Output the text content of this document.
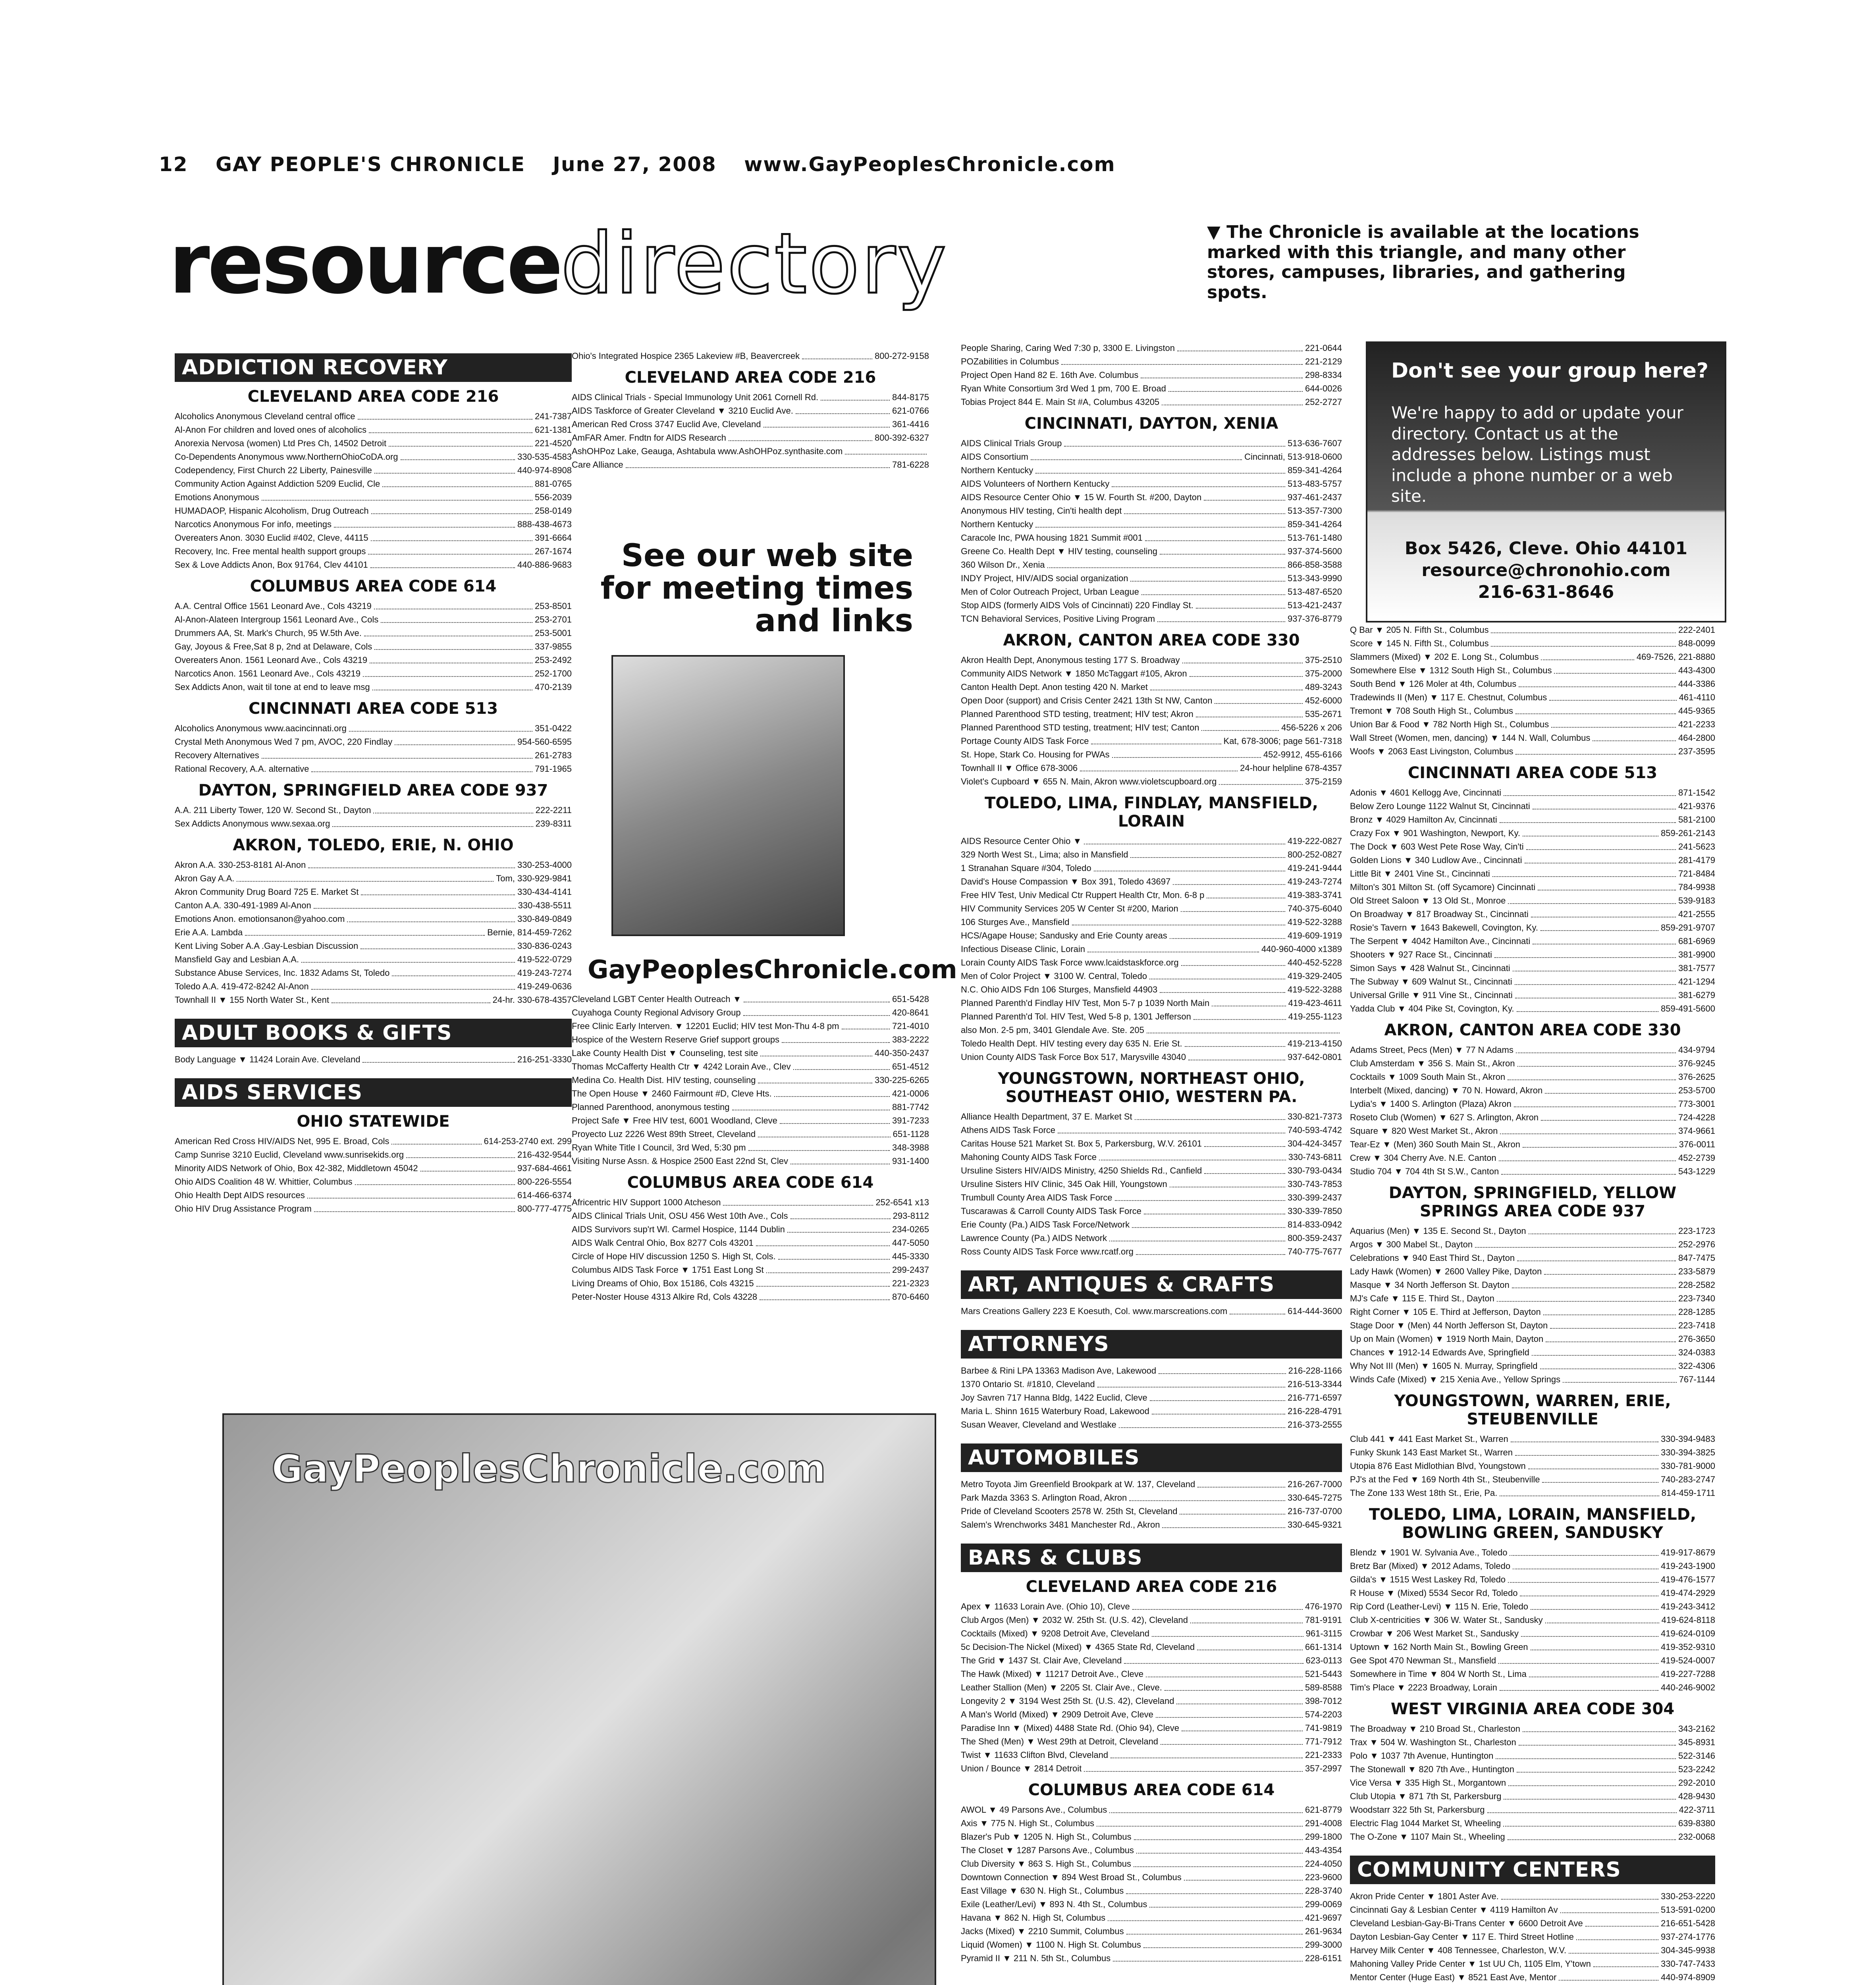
12 GAY PEOPLE'S CHRONICLE June 27, 2008 www.GayPeoplesChronicle.com
resourcedirectory	▼ The Chronicle is available at the locations marked with this triangle, and many other stores, campuses, libraries, and gathering spots.
ADDICTION RECOVERY
CLEVELAND AREA CODE 216
Alcoholics Anonymous Cleveland central office	241-7387
Al-Anon For children and loved ones of alcoholics	621-1381
Anorexia Nervosa (women) Ltd Pres Ch, 14502 Detroit	221-4520
Co-Dependents Anonymous www.NorthernOhioCoDA.org	330-535-4583
Codependency, First Church 22 Liberty, Painesville	440-974-8908
Community Action Against Addiction 5209 Euclid, Cle	881-0765
Emotions Anonymous	556-2039
HUMADAOP, Hispanic Alcoholism, Drug Outreach	258-0149
Narcotics Anonymous For info, meetings	888-438-4673
Overeaters Anon. 3030 Euclid #402, Cleve, 44115	391-6664
Recovery, Inc. Free mental health support groups	267-1674
Sex & Love Addicts Anon, Box 91764, Clev 44101	440-886-9683
COLUMBUS AREA CODE 614
A.A. Central Office 1561 Leonard Ave., Cols 43219	253-8501
Al-Anon-Alateen Intergroup 1561 Leonard Ave., Cols	253-2701
Drummers AA, St. Mark's Church, 95 W.5th Ave.	253-5001
Gay, Joyous & Free,Sat 8 p, 2nd at Delaware, Cols	337-9855
Overeaters Anon. 1561 Leonard Ave., Cols 43219	253-2492
Narcotics Anon. 1561 Leonard Ave., Cols 43219	252-1700
Sex Addicts Anon, wait til tone at end to leave msg	470-2139
CINCINNATI AREA CODE 513
Alcoholics Anonymous www.aacincinnati.org	351-0422
Crystal Meth Anonymous Wed 7 pm, AVOC, 220 Findlay	954-560-6595
Recovery Alternatives	261-2783
Rational Recovery, A.A. alternative	791-1965
DAYTON, SPRINGFIELD AREA CODE 937
A.A. 211 Liberty Tower, 120 W. Second St., Dayton	222-2211
Sex Addicts Anonymous www.sexaa.org	239-8311
AKRON, TOLEDO, ERIE, N. OHIO
Akron A.A. 330-253-8181 Al-Anon	330-253-4000
Akron Gay A.A.	Tom, 330-929-9841
Akron Community Drug Board 725 E. Market St	330-434-4141
Canton A.A. 330-491-1989 Al-Anon	330-438-5511
Emotions Anon. emotionsanon@yahoo.com	330-849-0849
Erie A.A. Lambda	Bernie, 814-459-7262
Kent Living Sober A.A .Gay-Lesbian Discussion	330-836-0243
Mansfield Gay and Lesbian A.A.	419-522-0729
Substance Abuse Services, Inc. 1832 Adams St, Toledo	419-243-7274
Toledo A.A. 419-472-8242 Al-Anon	419-249-0636
Townhall II ▼ 155 North Water St., Kent	24-hr. 330-678-4357
ADULT BOOKS & GIFTS
Body Language ▼ 11424 Lorain Ave. Cleveland	216-251-3330
AIDS SERVICES
OHIO STATEWIDE
American Red Cross HIV/AIDS Net, 995 E. Broad, Cols	614-253-2740 ext. 299
Camp Sunrise 3210 Euclid, Cleveland www.sunrisekids.org	216-432-9544
Minority AIDS Network of Ohio, Box 42-382, Middletown 45042	937-684-4661
Ohio AIDS Coalition 48 W. Whittier, Columbus	800-226-5554
Ohio Health Dept AIDS resources	614-466-6374
Ohio HIV Drug Assistance Program	800-777-4775
Ohio's Integrated Hospice 2365 Lakeview #B, Beavercreek	800-272-9158
CLEVELAND AREA CODE 216
AIDS Clinical Trials - Special Immunology Unit 2061 Cornell Rd.	844-8175
AIDS Taskforce of Greater Cleveland ▼ 3210 Euclid Ave.	621-0766
American Red Cross 3747 Euclid Ave, Cleveland	361-4416
AmFAR Amer. Fndtn for AIDS Research	800-392-6327
AshOHPoz Lake, Geauga, Ashtabula www.AshOHPoz.synthasite.com
Care Alliance	781-6228
See our web site for meeting times and links
GayPeoplesChronicle.com
Cleveland LGBT Center Health Outreach ▼	651-5428
Cuyahoga County Regional Advisory Group	420-8641
Free Clinic Early Interven. ▼ 12201 Euclid; HIV test Mon-Thu 4-8 pm	721-4010
Hospice of the Western Reserve Grief support groups	383-2222
Lake County Health Dist ▼ Counseling, test site	440-350-2437
Thomas McCafferty Health Ctr ▼ 4242 Lorain Ave., Clev	651-4512
Medina Co. Health Dist. HIV testing, counseling	330-225-6265
The Open House ▼ 2460 Fairmount #D, Cleve Hts.	421-0006
Planned Parenthood, anonymous testing	881-7742
Project Safe ▼ Free HIV test, 6001 Woodland, Cleve	391-7233
Proyecto Luz 2226 West 89th Street, Cleveland	651-1128
Ryan White Title I Council, 3rd Wed, 5:30 pm	348-3988
Visiting Nurse Assn. & Hospice 2500 East 22nd St, Clev	931-1400
COLUMBUS AREA CODE 614
Africentric HIV Support 1000 Atcheson	252-6541 x13
AIDS Clinical Trials Unit, OSU 456 West 10th Ave., Cols	293-8112
AIDS Survivors sup'rt Wl. Carmel Hospice, 1144 Dublin	234-0265
AIDS Walk Central Ohio, Box 8277 Cols 43201	447-5050
Circle of Hope HIV discussion 1250 S. High St, Cols.	445-3330
Columbus AIDS Task Force ▼ 1751 East Long St	299-2437
Living Dreams of Ohio, Box 15186, Cols 43215	221-2323
Peter-Noster House 4313 Alkire Rd, Cols 43228	870-6460
GayPeoplesChronicle.com
People Sharing, Caring Wed 7:30 p, 3300 E. Livingston	221-0644
POZabilities in Columbus	221-2129
Project Open Hand 82 E. 16th Ave. Columbus	298-8334
Ryan White Consortium 3rd Wed 1 pm, 700 E. Broad	644-0026
Tobias Project 844 E. Main St #A, Columbus 43205	252-2727
CINCINNATI, DAYTON, XENIA
AIDS Clinical Trials Group	513-636-7607
AIDS Consortium	Cincinnati, 513-918-0600
Northern Kentucky	859-341-4264
AIDS Volunteers of Northern Kentucky	513-483-5757
AIDS Resource Center Ohio ▼ 15 W. Fourth St. #200, Dayton	937-461-2437
Anonymous HIV testing, Cin'ti health dept	513-357-7300
Northern Kentucky	859-341-4264
Caracole Inc, PWA housing 1821 Summit #001	513-761-1480
Greene Co. Health Dept ▼ HIV testing, counseling	937-374-5600
360 Wilson Dr., Xenia	866-858-3588
INDY Project, HIV/AIDS social organization	513-343-9990
Men of Color Outreach Project, Urban League	513-487-6520
Stop AIDS (formerly AIDS Vols of Cincinnati) 220 Findlay St.	513-421-2437
TCN Behavioral Services, Positive Living Program	937-376-8779
AKRON, CANTON AREA CODE 330
Akron Health Dept, Anonymous testing 177 S. Broadway	375-2510
Community AIDS Network ▼ 1850 McTaggart #105, Akron	375-2000
Canton Health Dept. Anon testing 420 N. Market	489-3243
Open Door (support) and Crisis Center 2421 13th St NW, Canton	452-6000
Planned Parenthood STD testing, treatment; HIV test; Akron	535-2671
Planned Parenthood STD testing, treatment; HIV test; Canton	456-5226 x 206
Portage County AIDS Task Force	Kat, 678-3006; page 561-7318
St. Hope, Stark Co. Housing for PWAs	452-9912, 455-6166
Townhall II ▼ Office 678-3006	24-hour helpline 678-4357
Violet's Cupboard ▼ 655 N. Main, Akron www.violetscupboard.org	375-2159
TOLEDO, LIMA, FINDLAY, MANSFIELD, LORAIN
AIDS Resource Center Ohio ▼	419-222-0827
329 North West St., Lima; also in Mansfield	800-252-0827
1 Stranahan Square #304, Toledo	419-241-9444
David's House Compassion ▼ Box 391, Toledo 43697	419-243-7274
Free HIV Test, Univ Medical Ctr Ruppert Health Ctr, Mon. 6-8 p	419-383-3741
HIV Community Services 205 W Center St #200, Marion	740-375-6040
106 Sturges Ave., Mansfield	419-522-3288
HCS/Agape House; Sandusky and Erie County areas	419-609-1919
Infectious Disease Clinic, Lorain	440-960-4000 x1389
Lorain County AIDS Task Force www.lcaidstaskforce.org	440-452-5228
Men of Color Project ▼ 3100 W. Central, Toledo	419-329-2405
N.C. Ohio AIDS Fdn 106 Sturges, Mansfield 44903	419-522-3288
Planned Parenth'd Findlay HIV Test, Mon 5-7 p 1039 North Main	419-423-4611
Planned Parenth'd Tol. HIV Test, Wed 5-8 p, 1301 Jefferson	419-255-1123
also Mon. 2-5 pm, 3401 Glendale Ave. Ste. 205
Toledo Health Dept. HIV testing every day 635 N. Erie St.	419-213-4150
Union County AIDS Task Force Box 517, Marysville 43040	937-642-0801
YOUNGSTOWN, NORTHEAST OHIO, SOUTHEAST OHIO, WESTERN PA.
Alliance Health Department, 37 E. Market St	330-821-7373
Athens AIDS Task Force	740-593-4742
Caritas House 521 Market St. Box 5, Parkersburg, W.V. 26101	304-424-3457
Mahoning County AIDS Task Force	330-743-6811
Ursuline Sisters HIV/AIDS Ministry, 4250 Shields Rd., Canfield	330-793-0434
Ursuline Sisters HIV Clinic, 345 Oak Hill, Youngstown	330-743-7853
Trumbull County Area AIDS Task Force	330-399-2437
Tuscarawas & Carroll County AIDS Task Force	330-339-7850
Erie County (Pa.) AIDS Task Force/Network	814-833-0942
Lawrence County (Pa.) AIDS Network	800-359-2437
Ross County AIDS Task Force www.rcatf.org	740-775-7677
ART, ANTIQUES & CRAFTS
Mars Creations Gallery 223 E Koesuth, Col. www.marscreations.com	614-444-3600
ATTORNEYS
Barbee & Rini LPA 13363 Madison Ave, Lakewood	216-228-1166
1370 Ontario St. #1810, Cleveland	216-513-3344
Joy Savren 717 Hanna Bldg, 1422 Euclid, Cleve	216-771-6597
Maria L. Shinn 1615 Waterbury Road, Lakewood	216-228-4791
Susan Weaver, Cleveland and Westlake	216-373-2555
AUTOMOBILES
Metro Toyota Jim Greenfield Brookpark at W. 137, Cleveland	216-267-7000
Park Mazda 3363 S. Arlington Road, Akron	330-645-7275
Pride of Cleveland Scooters 2578 W. 25th St, Cleveland	216-737-0700
Salem's Wrenchworks 3481 Manchester Rd., Akron	330-645-9321
BARS & CLUBS
CLEVELAND AREA CODE 216
Apex ▼ 11633 Lorain Ave. (Ohio 10), Cleve	476-1970
Club Argos (Men) ▼ 2032 W. 25th St. (U.S. 42), Cleveland	781-9191
Cocktails (Mixed) ▼ 9208 Detroit Ave, Cleveland	961-3115
5c Decision-The Nickel (Mixed) ▼ 4365 State Rd, Cleveland	661-1314
The Grid ▼ 1437 St. Clair Ave, Cleveland	623-0113
The Hawk (Mixed) ▼ 11217 Detroit Ave., Cleve	521-5443
Leather Stallion (Men) ▼ 2205 St. Clair Ave., Cleve.	589-8588
Longevity 2 ▼ 3194 West 25th St. (U.S. 42), Cleveland	398-7012
A Man's World (Mixed) ▼ 2909 Detroit Ave, Cleve	574-2203
Paradise Inn ▼ (Mixed) 4488 State Rd. (Ohio 94), Cleve	741-9819
The Shed (Men) ▼ West 29th at Detroit, Cleveland	771-7912
Twist ▼ 11633 Clifton Blvd, Cleveland	221-2333
Union / Bounce ▼ 2814 Detroit	357-2997
COLUMBUS AREA CODE 614
AWOL ▼ 49 Parsons Ave., Columbus	621-8779
Axis ▼ 775 N. High St., Columbus	291-4008
Blazer's Pub ▼ 1205 N. High St., Columbus	299-1800
The Closet ▼ 1287 Parsons Ave., Columbus	443-4354
Club Diversity ▼ 863 S. High St., Columbus	224-4050
Downtown Connection ▼ 894 West Broad St., Columbus	223-9600
East Village ▼ 630 N. High St., Columbus	228-3740
Exile (Leather/Levi) ▼ 893 N. 4th St., Columbus	299-0069
Havana ▼ 862 N. High St, Columbus	421-9697
Jacks (Mixed) ▼ 2210 Summit, Columbus	261-9634
Liquid (Women) ▼ 1100 N. High St. Columbus	299-3000
Pyramid II ▼ 211 N. 5th St., Columbus	228-6151
Don't see your group here?
We're happy to add or update your directory. Contact us at the addresses below. Listings must include a phone number or a web site.
Box 5426, Cleve. Ohio 44101
resource@chronohio.com
216-631-8646
Q Bar ▼ 205 N. Fifth St., Columbus	222-2401
Score ▼ 145 N. Fifth St., Columbus	848-0099
Slammers (Mixed) ▼ 202 E. Long St., Columbus	469-7526, 221-8880
Somewhere Else ▼ 1312 South High St., Columbus	443-4300
South Bend ▼ 126 Moler at 4th, Columbus	444-3386
Tradewinds II (Men) ▼ 117 E. Chestnut, Columbus	461-4110
Tremont ▼ 708 South High St., Columbus	445-9365
Union Bar & Food ▼ 782 North High St., Columbus	421-2233
Wall Street (Women, men, dancing) ▼ 144 N. Wall, Columbus	464-2800
Woofs ▼ 2063 East Livingston, Columbus	237-3595
CINCINNATI AREA CODE 513
Adonis ▼ 4601 Kellogg Ave, Cincinnati	871-1542
Below Zero Lounge 1122 Walnut St, Cincinnati	421-9376
Bronz ▼ 4029 Hamilton Av, Cincinnati	581-2100
Crazy Fox ▼ 901 Washington, Newport, Ky.	859-261-2143
The Dock ▼ 603 West Pete Rose Way, Cin'ti	241-5623
Golden Lions ▼ 340 Ludlow Ave., Cincinnati	281-4179
Little Bit ▼ 2401 Vine St., Cincinnati	721-8484
Milton's 301 Milton St. (off Sycamore) Cincinnati	784-9938
Old Street Saloon ▼ 13 Old St., Monroe	539-9183
On Broadway ▼ 817 Broadway St., Cincinnati	421-2555
Rosie's Tavern ▼ 1643 Bakewell, Covington, Ky.	859-291-9707
The Serpent ▼ 4042 Hamilton Ave., Cincinnati	681-6969
Shooters ▼ 927 Race St., Cincinnati	381-9900
Simon Says ▼ 428 Walnut St., Cincinnati	381-7577
The Subway ▼ 609 Walnut St., Cincinnati	421-1294
Universal Grille ▼ 911 Vine St., Cincinnati	381-6279
Yadda Club ▼ 404 Pike St, Covington, Ky.	859-491-5600
AKRON, CANTON AREA CODE 330
Adams Street, Pecs (Men) ▼ 77 N Adams	434-9794
Club Amsterdam ▼ 356 S. Main St., Akron	376-9245
Cocktails ▼ 1009 South Main St., Akron	376-2625
Interbelt (Mixed, dancing) ▼ 70 N. Howard, Akron	253-5700
Lydia's ▼ 1400 S. Arlington (Plaza) Akron	773-3001
Roseto Club (Women) ▼ 627 S. Arlington, Akron	724-4228
Square ▼ 820 West Market St., Akron	374-9661
Tear-Ez ▼ (Men) 360 South Main St., Akron	376-0011
Crew ▼ 304 Cherry Ave. N.E. Canton	452-2739
Studio 704 ▼ 704 4th St S.W., Canton	543-1229
DAYTON, SPRINGFIELD, YELLOW SPRINGS AREA CODE 937
Aquarius (Men) ▼ 135 E. Second St., Dayton	223-1723
Argos ▼ 300 Mabel St., Dayton	252-2976
Celebrations ▼ 940 East Third St., Dayton	847-7475
Lady Hawk (Women) ▼ 2600 Valley Pike, Dayton	233-5879
Masque ▼ 34 North Jefferson St. Dayton	228-2582
MJ's Cafe ▼ 115 E. Third St., Dayton	223-7340
Right Corner ▼ 105 E. Third at Jefferson, Dayton	228-1285
Stage Door ▼ (Men) 44 North Jefferson St, Dayton	223-7418
Up on Main (Women) ▼ 1919 North Main, Dayton	276-3650
Chances ▼ 1912-14 Edwards Ave, Springfield	324-0383
Why Not III (Men) ▼ 1605 N. Murray, Springfield	322-4306
Winds Cafe (Mixed) ▼ 215 Xenia Ave., Yellow Springs	767-1144
YOUNGSTOWN, WARREN, ERIE, STEUBENVILLE
Club 441 ▼ 441 East Market St., Warren	330-394-9483
Funky Skunk 143 East Market St., Warren	330-394-3825
Utopia 876 East Midlothian Blvd, Youngstown	330-781-9000
PJ's at the Fed ▼ 169 North 4th St., Steubenville	740-283-2747
The Zone 133 West 18th St., Erie, Pa.	814-459-1711
TOLEDO, LIMA, LORAIN, MANSFIELD, BOWLING GREEN, SANDUSKY
Blendz ▼ 1901 W. Sylvania Ave., Toledo	419-917-8679
Bretz Bar (Mixed) ▼ 2012 Adams, Toledo	419-243-1900
Gilda's ▼ 1515 West Laskey Rd, Toledo	419-476-1577
R House ▼ (Mixed) 5534 Secor Rd, Toledo	419-474-2929
Rip Cord (Leather-Levi) ▼ 115 N. Erie, Toledo	419-243-3412
Club X-centricities ▼ 306 W. Water St., Sandusky	419-624-8118
Crowbar ▼ 206 West Market St., Sandusky	419-624-0109
Uptown ▼ 162 North Main St., Bowling Green	419-352-9310
Gee Spot 470 Newman St., Mansfield	419-524-0007
Somewhere in Time ▼ 804 W North St., Lima	419-227-7288
Tim's Place ▼ 2223 Broadway, Lorain	440-246-9002
WEST VIRGINIA AREA CODE 304
The Broadway ▼ 210 Broad St., Charleston	343-2162
Trax ▼ 504 W. Washington St., Charleston	345-8931
Polo ▼ 1037 7th Avenue, Huntington	522-3146
The Stonewall ▼ 820 7th Ave., Huntington	523-2242
Vice Versa ▼ 335 High St., Morgantown	292-2010
Club Utopia ▼ 871 7th St, Parkersburg	428-9430
Woodstarr 322 5th St, Parkersburg	422-3711
Electric Flag 1044 Market St, Wheeling	639-8380
The O-Zone ▼ 1107 Main St., Wheeling	232-0068
COMMUNITY CENTERS
Akron Pride Center ▼ 1801 Aster Ave.	330-253-2220
Cincinnati Gay & Lesbian Center ▼ 4119 Hamilton Av	513-591-0200
Cleveland Lesbian-Gay-Bi-Trans Center ▼ 6600 Detroit Ave	216-651-5428
Dayton Lesbian-Gay Center ▼ 117 E. Third Street Hotline	937-274-1776
Harvey Milk Center ▼ 408 Tennessee, Charleston, W.V.	304-345-9938
Mahoning Valley Pride Center ▼ 1st UU Ch, 1105 Elm, Y'town	330-747-7433
Mentor Center (Huge East) ▼ 8521 East Ave, Mentor	440-974-8909
